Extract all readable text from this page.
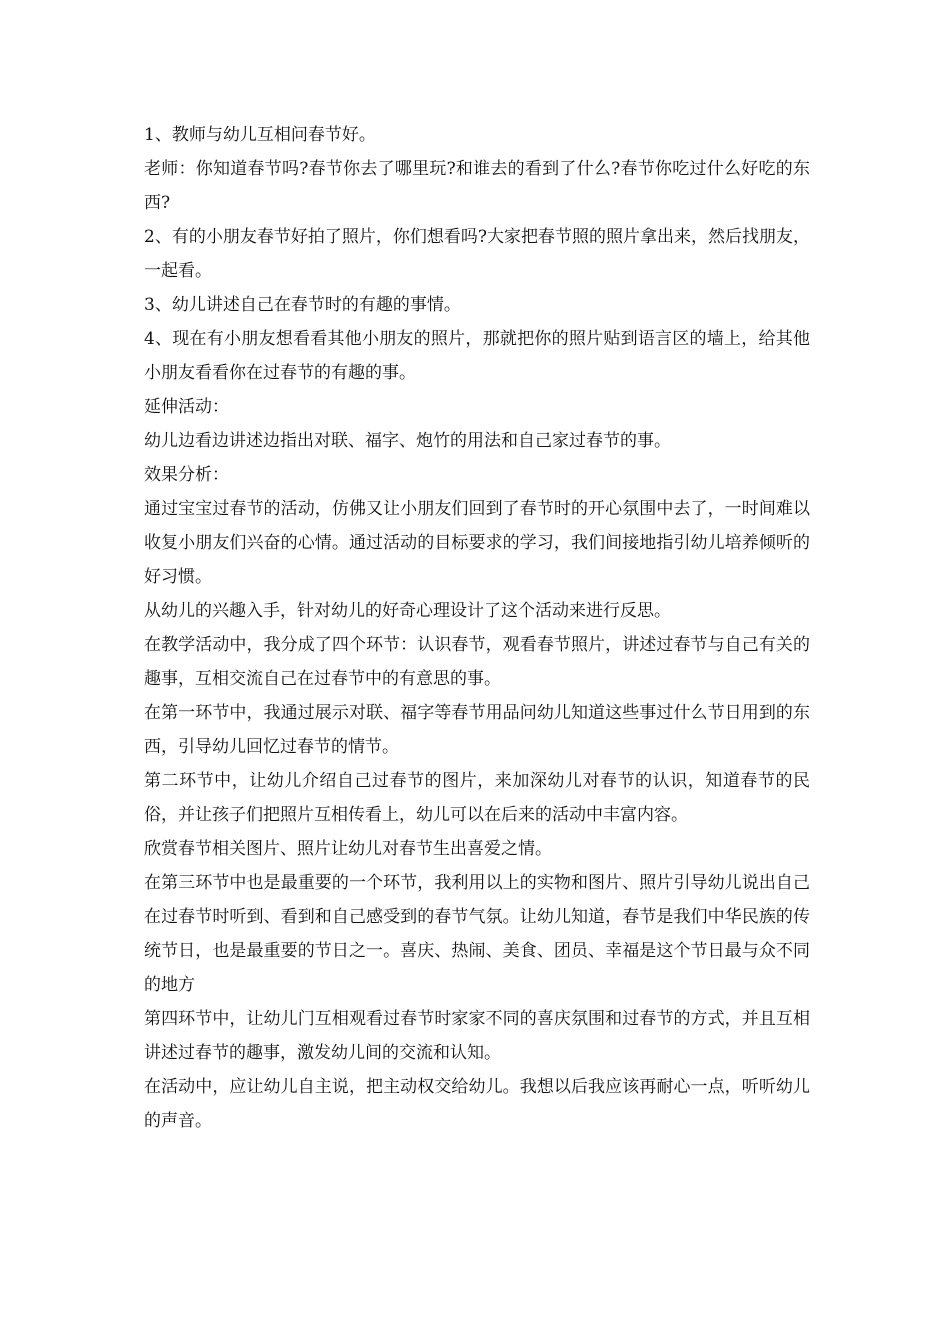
1、教师与幼儿互相问春节好。

老师：你知道春节吗?春节你去了哪里玩?和谁去的看到了什么?春节你吃过什么好吃的东西?

2、有的小朋友春节好拍了照片，你们想看吗?大家把春节照的照片拿出来，然后找朋友，一起看。

3、幼儿讲述自己在春节时的有趣的事情。

4、现在有小朋友想看看其他小朋友的照片，那就把你的照片贴到语言区的墙上，给其他小朋友看看你在过春节的有趣的事。

延伸活动：

幼儿边看边讲述边指出对联、福字、炮竹的用法和自己家过春节的事。

效果分析：

通过宝宝过春节的活动，仿佛又让小朋友们回到了春节时的开心氛围中去了，一时间难以收复小朋友们兴奋的心情。通过活动的目标要求的学习，我们间接地指引幼儿培养倾听的好习惯。

从幼儿的兴趣入手，针对幼儿的好奇心理设计了这个活动来进行反思。

在教学活动中，我分成了四个环节：认识春节，观看春节照片，讲述过春节与自己有关的趣事，互相交流自己在过春节中的有意思的事。

在第一环节中，我通过展示对联、福字等春节用品问幼儿知道这些事过什么节日用到的东西，引导幼儿回忆过春节的情节。

第二环节中，让幼儿介绍自己过春节的图片，来加深幼儿对春节的认识，知道春节的民俗，并让孩子们把照片互相传看上，幼儿可以在后来的活动中丰富内容。

欣赏春节相关图片、照片让幼儿对春节生出喜爱之情。

在第三环节中也是最重要的一个环节，我利用以上的实物和图片、照片引导幼儿说出自己在过春节时听到、看到和自己感受到的春节气氛。让幼儿知道，春节是我们中华民族的传统节日，也是最重要的节日之一。喜庆、热闹、美食、团员、幸福是这个节日最与众不同的地方

第四环节中，让幼儿门互相观看过春节时家家不同的喜庆氛围和过春节的方式，并且互相讲述过春节的趣事，激发幼儿间的交流和认知。

在活动中，应让幼儿自主说，把主动权交给幼儿。我想以后我应该再耐心一点，听听幼儿的声音。
